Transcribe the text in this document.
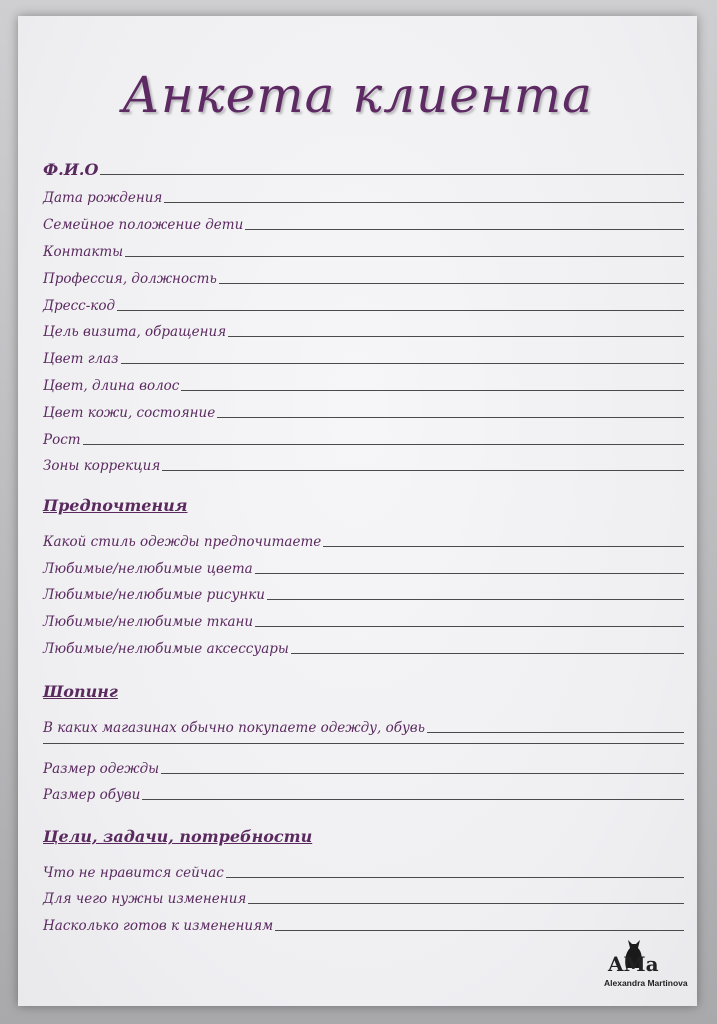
Анкета клиента
Ф.И.О
Дата рождения
Семейное положение дети
Контакты
Профессия, должность
Дресс-код
Цель визита, обращения
Цвет глаз
Цвет, длина волос
Цвет кожи, состояние
Рост
Зоны коррекция
Предпочтения
Какой стиль одежды предпочитаете
Любимые/нелюбимые цвета
Любимые/нелюбимые рисунки
Любимые/нелюбимые ткани
Любимые/нелюбимые аксессуары
Шопинг
В каких магазинах обычно покупаете одежду, обувь
Размер одежды
Размер обуви
Цели, задачи, потребности
Что не нравится сейчас
Для чего нужны изменения
Насколько готов к изменениям
AMa
Alexandra Martinova
